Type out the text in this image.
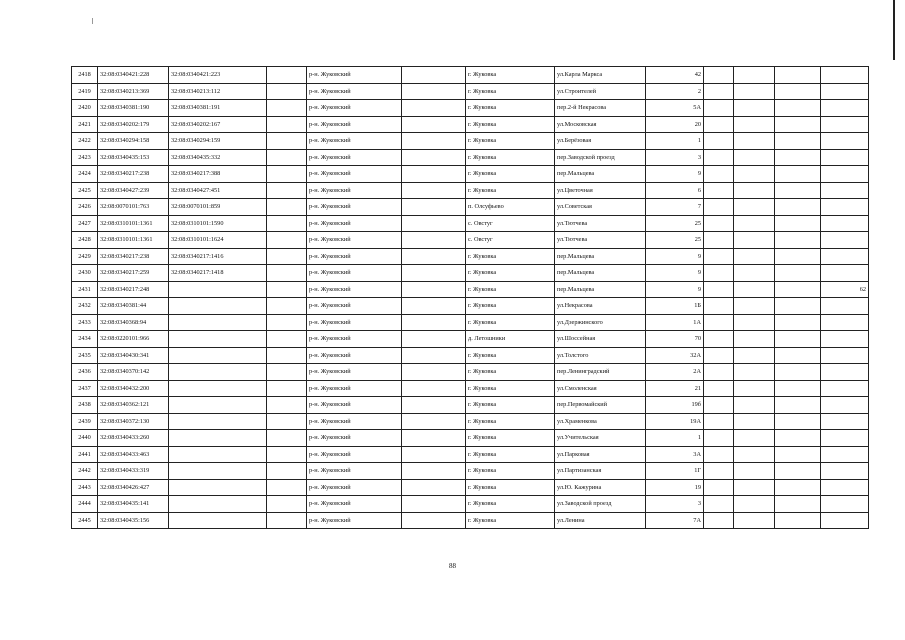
2418	32:08:0340421:228	32:08:0340421:223		р-н. Жуковский		г. Жуковка	ул.Карла Маркса	42				
2419	32:08:0340213:369	32:08:0340213:112		р-н. Жуковский		г. Жуковка	ул.Строителей	2				
2420	32:08:0340381:190	32:08:0340381:191		р-н. Жуковский		г. Жуковка	пер.2-й Некрасова	5А				
2421	32:08:0340202:179	32:08:0340202:167		р-н. Жуковский		г. Жуковка	ул.Московская	20				
2422	32:08:0340294:158	32:08:0340294:159		р-н. Жуковский		г. Жуковка	ул.Берёзовая	1				
2423	32:08:0340435:153	32:08:0340435:332		р-н. Жуковский		г. Жуковка	пер.Заводской проезд	3				
2424	32:08:0340217:238	32:08:0340217:388		р-н. Жуковский		г. Жуковка	пер.Мальцева	9				
2425	32:08:0340427:239	32:08:0340427:451		р-н. Жуковский		г. Жуковка	ул.Цветочная	6				
2426	32:08:0070101:763	32:08:0070101:859		р-н. Жуковский		п. Олсуфьево	ул.Советская	7				
2427	32:08:0310101:1361	32:08:0310101:1590		р-н. Жуковский		с. Овстуг	ул.Тютчева	25				
2428	32:08:0310101:1361	32:08:0310101:1624		р-н. Жуковский		с. Овстуг	ул.Тютчева	25				
2429	32:08:0340217:238	32:08:0340217:1416		р-н. Жуковский		г. Жуковка	пер.Мальцева	9				
2430	32:08:0340217:259	32:08:0340217:1418		р-н. Жуковский		г. Жуковка	пер.Мальцева	9				
2431	32:08:0340217:248			р-н. Жуковский		г. Жуковка	пер.Мальцева	9				62
2432	32:08:0340381:44			р-н. Жуковский		г. Жуковка	ул.Некрасова	1Б				
2433	32:08:0340368:94			р-н. Жуковский		г. Жуковка	ул.Дзержинского	1А				
2434	32:08:0220101:966			р-н. Жуковский		д. Летошники	ул.Шоссейная	70				
2435	32:08:0340430:341			р-н. Жуковский		г. Жуковка	ул.Толстого	32А				
2436	32:08:0340370:142			р-н. Жуковский		г. Жуковка	пер.Ленинградский	2А				
2437	32:08:0340432:200			р-н. Жуковский		г. Жуковка	ул.Смоленская	21				
2438	32:08:0340362:121			р-н. Жуковский		г. Жуковка	пер.Первомайский	19б				
2439	32:08:0340372:130			р-н. Жуковский		г. Жуковка	ул.Храменкова	19А				
2440	32:08:0340433:260			р-н. Жуковский		г. Жуковка	ул.Учительская	1				
2441	32:08:0340433:463			р-н. Жуковский		г. Жуковка	ул.Парковая	3А				
2442	32:08:0340433:319			р-н. Жуковский		г. Жуковка	ул.Партизанская	1Г				
2443	32:08:0340426:427			р-н. Жуковский		г. Жуковка	ул.Ю. Кажурина	19				
2444	32:08:0340435:141			р-н. Жуковский		г. Жуковка	ул.Заводской проезд	3				
2445	32:08:0340435:156			р-н. Жуковский		г. Жуковка	ул.Ленина	7А				
88
